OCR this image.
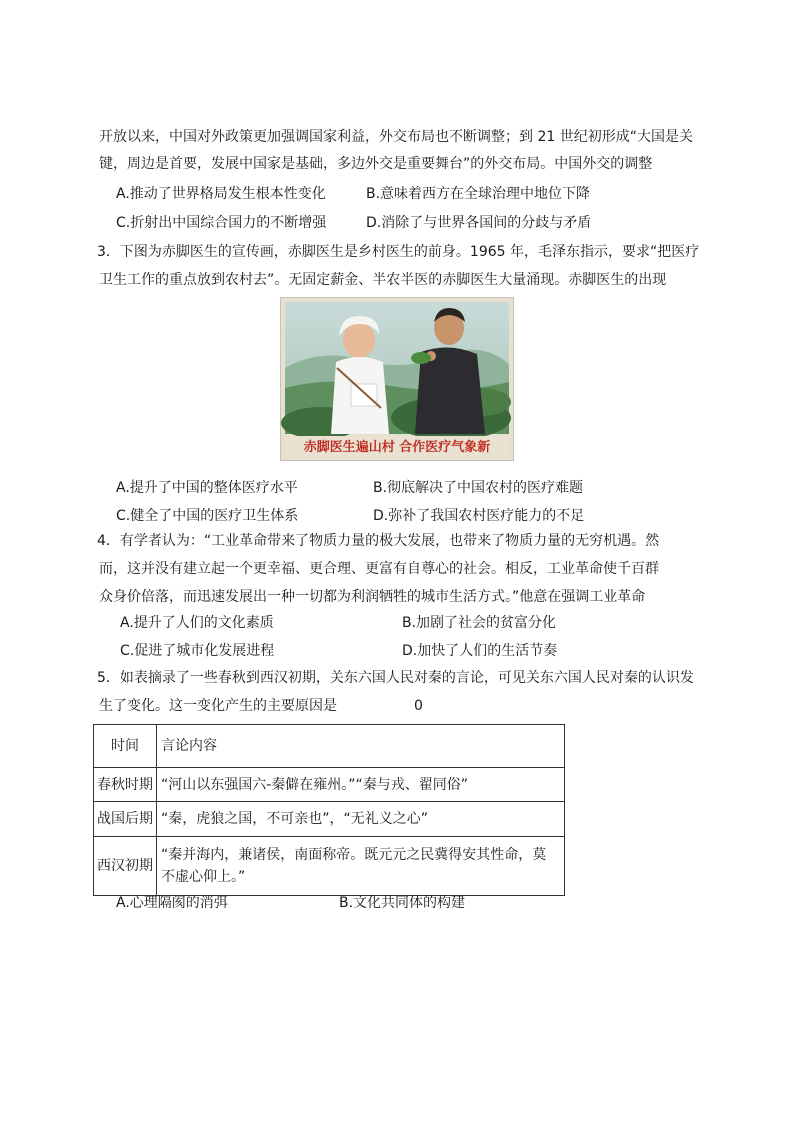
开放以来，中国对外政策更加强调国家利益，外交布局也不断调整；到 21 世纪初形成“大国是关
键，周边是首要，发展中国家是基础，多边外交是重要舞台”的外交布局。中国外交的调整
A.推动了世界格局发生根本性变化	B.意味着西方在全球治理中地位下降
C.折射出中国综合国力的不断增强	D.消除了与世界各国间的分歧与矛盾
3．下图为赤脚医生的宣传画，赤脚医生是乡村医生的前身。1965 年，毛泽东指示，要求“把医疗
卫生工作的重点放到农村去”。无固定薪金、半农半医的赤脚医生大量涌现。赤脚医生的出现
赤脚医生遍山村 合作医疗气象新
A.提升了中国的整体医疗水平	B.彻底解决了中国农村的医疗难题
C.健全了中国的医疗卫生体系	D.弥补了我国农村医疗能力的不足
4．有学者认为：“工业革命带来了物质力量的极大发展，也带来了物质力量的无穷机遇。然
而，这并没有建立起一个更幸福、更合理、更富有自尊心的社会。相反，工业革命使千百群
众身价倍落，而迅速发展出一种一切都为利润牺牲的城市生活方式。”他意在强调工业革命
A.提升了人们的文化素质	B.加剧了社会的贫富分化
C.促进了城市化发展进程	D.加快了人们的生活节奏
5．如表摘录了一些春秋到西汉初期，关东六国人民对秦的言论，可见关东六国人民对秦的认识发
生了变化。这一变化产生的主要原因是	0
时间	言论内容
春秋时期	“河山以东强国六-秦僻在雍州。”“秦与戎、翟同俗”
战国后期	“秦，虎狼之国，不可亲也”，“无礼义之心”
西汉初期	“秦并海内，兼诸侯，南面称帝。既元元之民冀得安其性命，莫不虚心仰上。”
A.心理隔阂的消弭	B.文化共同体的构建
